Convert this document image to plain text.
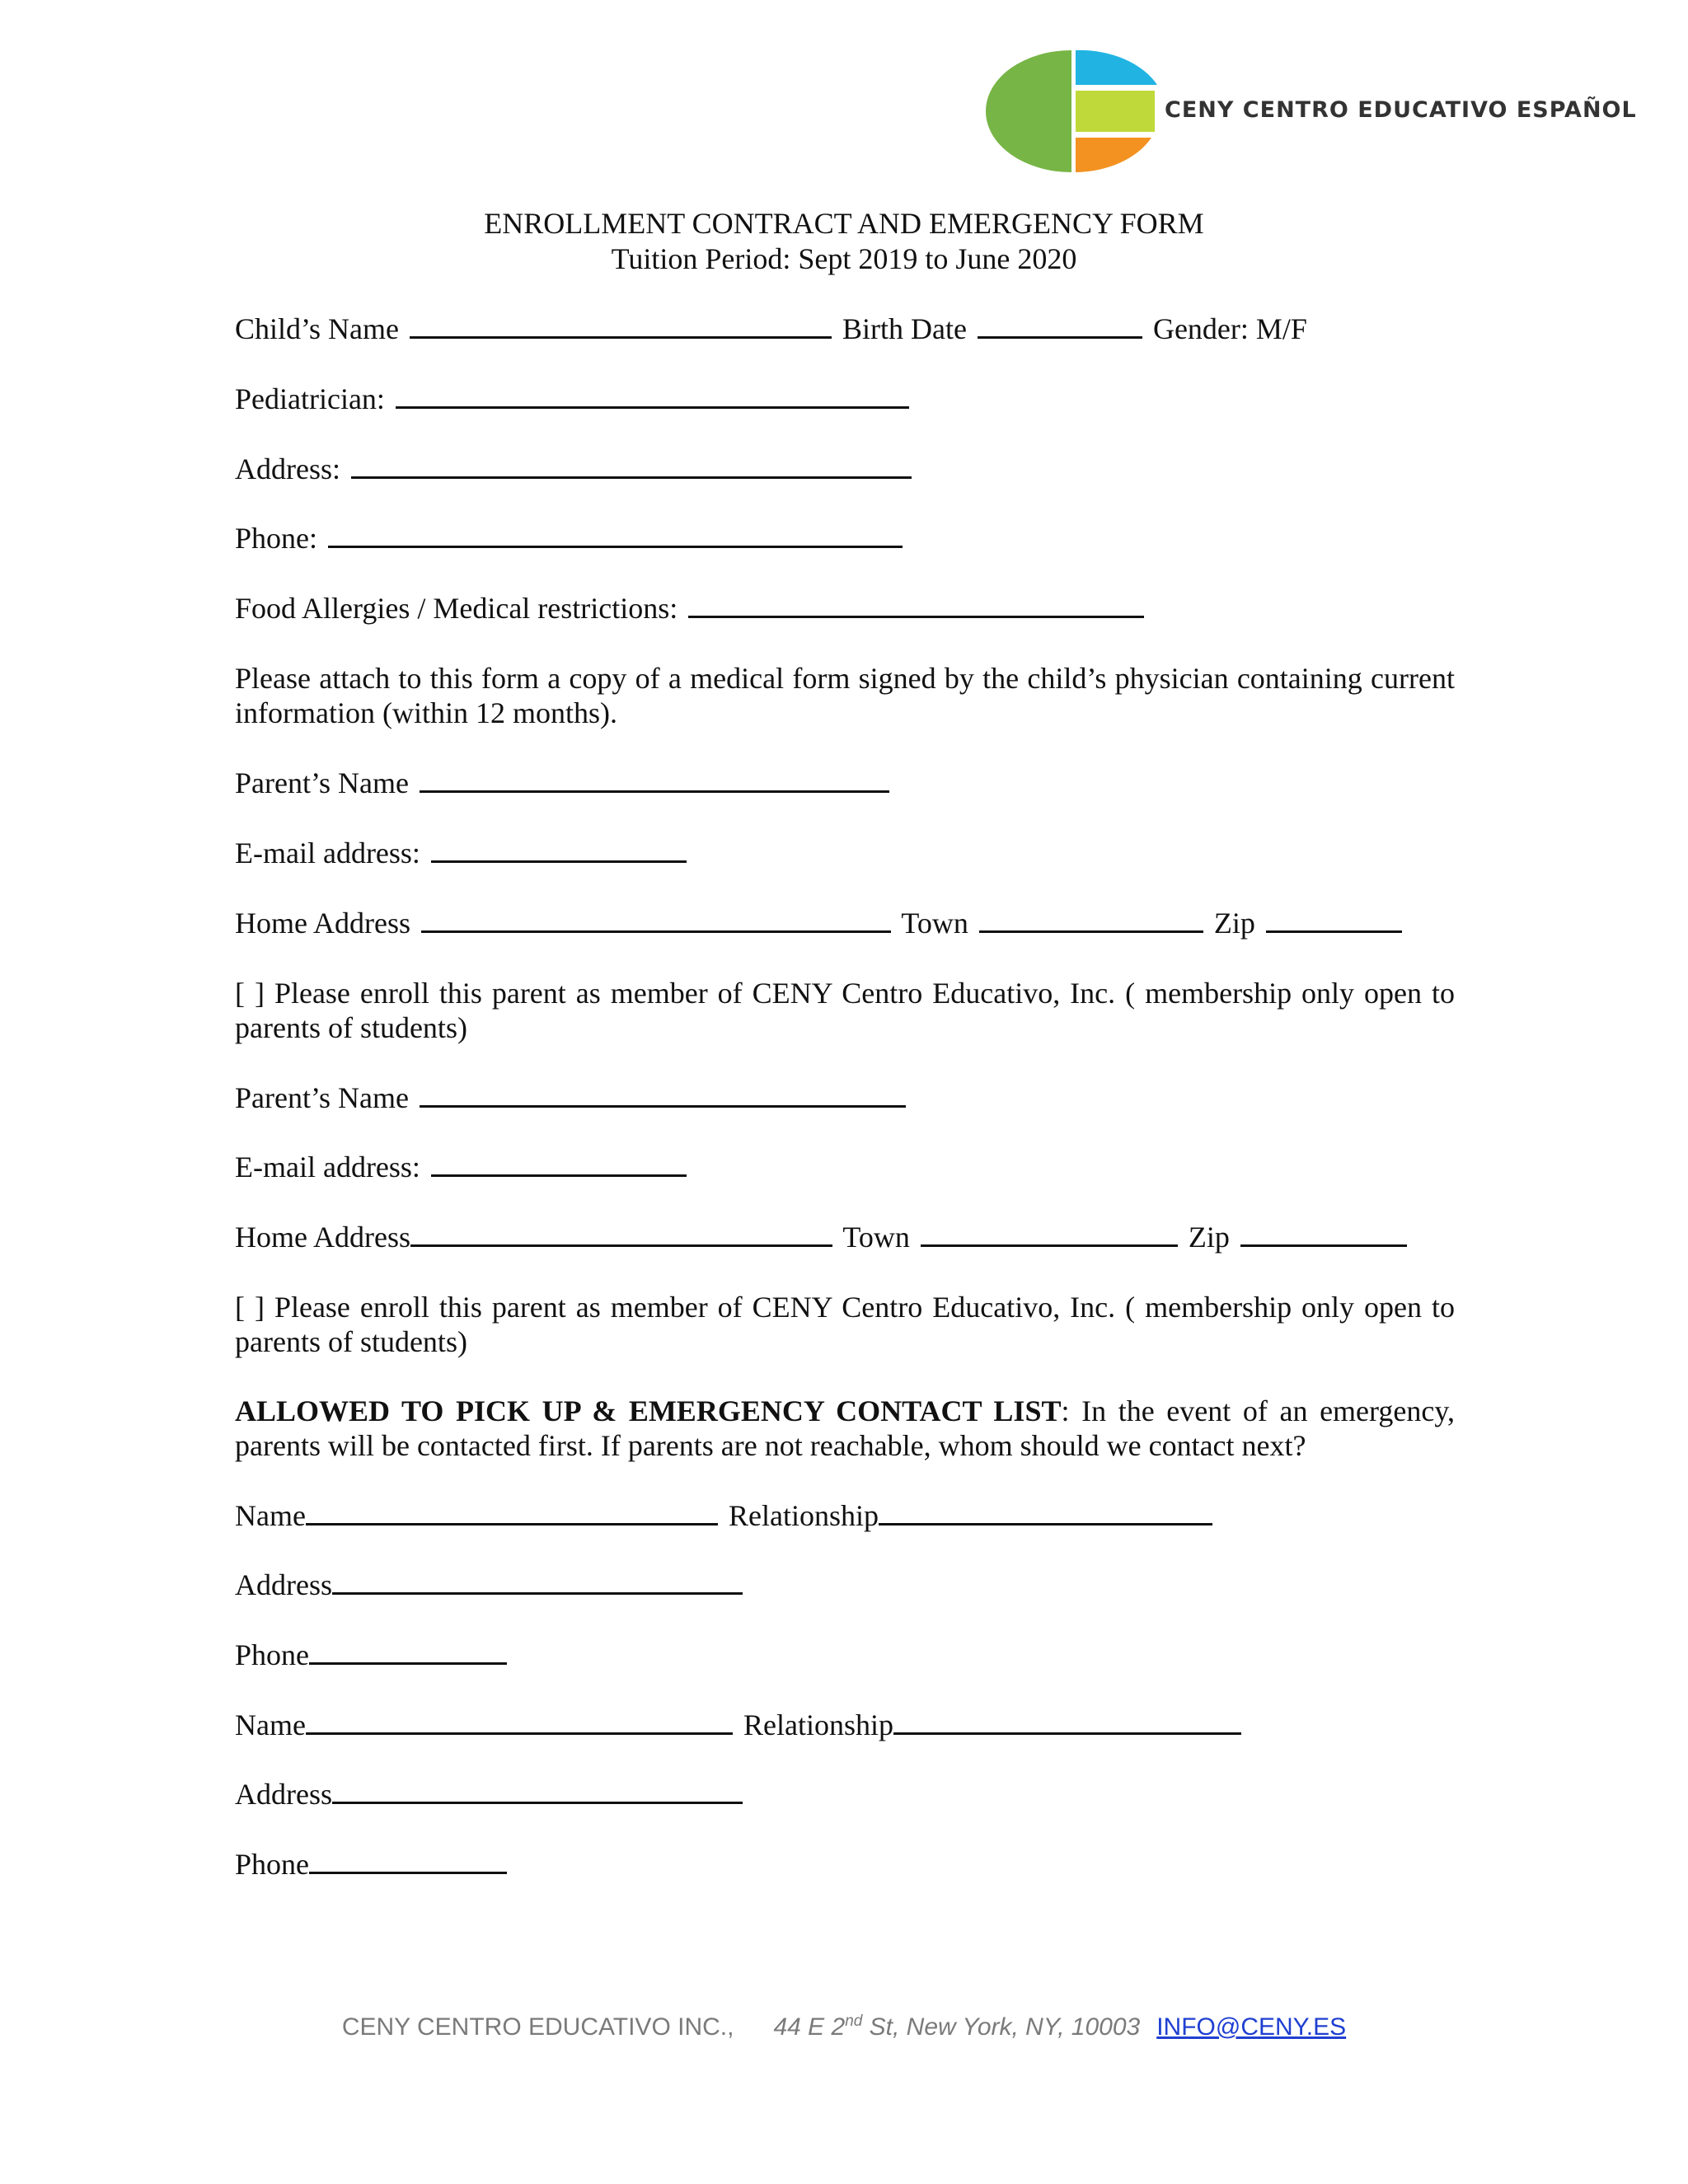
CENY CENTRO EDUCATIVO ESPAÑOL
ENROLLMENT CONTRACT AND EMERGENCY FORM
Tuition Period: Sept 2019 to June 2020
Child’s Name	Birth Date	Gender: M/F
Pediatrician:
Address:
Phone:
Food Allergies / Medical restrictions:
Please attach to this form a copy of a medical form signed by the child’s physician containing current information (within 12 months).
Parent’s Name
E-mail address:
Home Address	Town	Zip
[ ] Please enroll this parent as member of CENY Centro Educativo, Inc. ( membership only open to parents of students)
Parent’s Name
E-mail address:
Home Address	Town	Zip
[ ] Please enroll this parent as member of CENY Centro Educativo, Inc. ( membership only open to parents of students)
ALLOWED TO PICK UP & EMERGENCY CONTACT LIST: In the event of an emergency, parents will be contacted first. If parents are not reachable, whom should we contact next?
Name	Relationship
Address
Phone
Name	Relationship
Address
Phone
CENY CENTRO EDUCATIVO INC., 44 E 2nd St, New York, NY, 10003 INFO@CENY.ES
